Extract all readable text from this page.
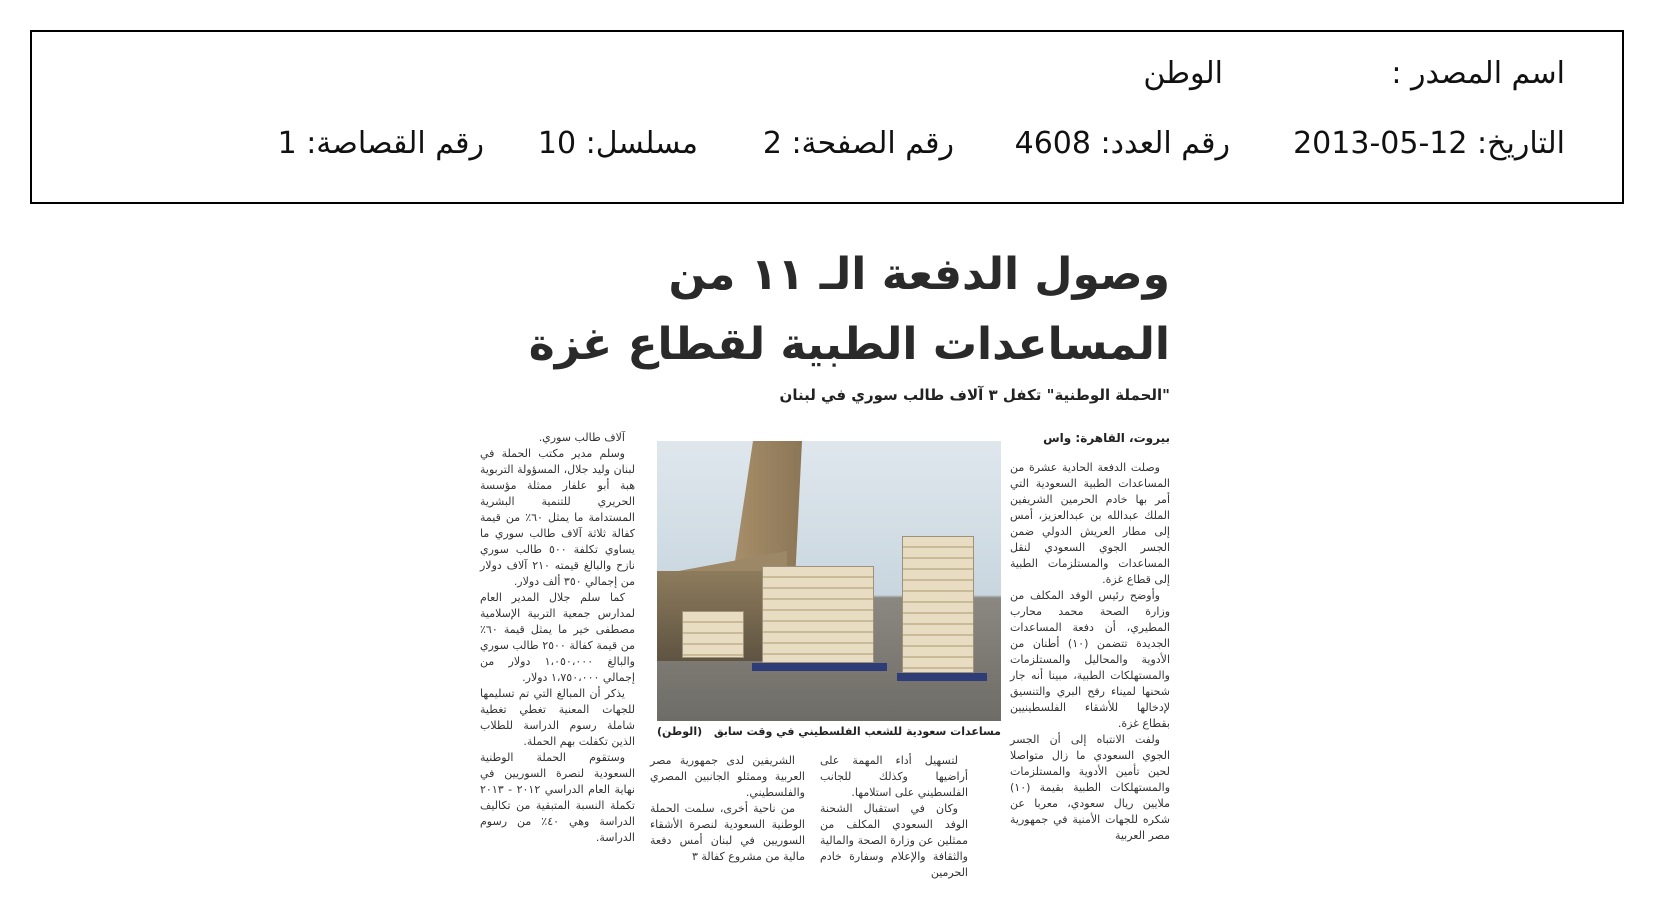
اسم المصدر :
الوطن
التاريخ: 12-05-2013
رقم العدد: 4608
رقم الصفحة: 2
مسلسل: 10
رقم القصاصة: 1
وصول الدفعة الـ ١١ من المساعدات الطبية لقطاع غزة
"الحملة الوطنية" تكفل ٣ آلاف طالب سوري في لبنان
بيروت، القاهرة: واس

وصلت الدفعة الحادية عشرة من المساعدات الطبية السعودية التي أمر بها خادم الحرمين الشريفين الملك عبدالله بن عبدالعزيز، أمس إلى مطار العريش الدولي ضمن الجسر الجوي السعودي لنقل المساعدات والمستلزمات الطبية إلى قطاع غزة.

وأوضح رئيس الوفد المكلف من وزارة الصحة محمد محارب المطيري، أن دفعة المساعدات الجديدة تتضمن (١٠) أطنان من الأدوية والمحاليل والمستلزمات والمستهلكات الطبية، مبينا أنه جار شحنها لميناء رفح البري والتنسيق لإدخالها للأشقاء الفلسطينيين بقطاع غزة.

ولفت الانتباه إلى أن الجسر الجوي السعودي ما زال متواصلا لحين تأمين الأدوية والمستلزمات والمستهلكات الطبية بقيمة (١٠) ملايين ريال سعودي، معربا عن شكره للجهات الأمنية في جمهورية مصر العربية

مساعدات سعودية للشعب الفلسطيني في وقت سابق
(الوطن)

لتسهيل أداء المهمة على أراضيها وكذلك للجانب الفلسطيني على استلامها.

وكان في استقبال الشحنة الوفد السعودي المكلف من ممثلين عن وزارة الصحة والمالية والثقافة والإعلام وسفارة خادم الحرمين

الشريفين لدى جمهورية مصر العربية وممثلو الجانبين المصري والفلسطيني.

من ناحية أخرى، سلمت الحملة الوطنية السعودية لنصرة الأشقاء السوريين في لبنان أمس دفعة مالية من مشروع كفالة ٣

آلاف طالب سوري.

وسلم مدير مكتب الحملة في لبنان وليد جلال، المسؤولة التربوية هبة أبو علفار ممثلة مؤسسة الحريري للتنمية البشرية المستدامة ما يمثل ٦٠٪ من قيمة كفالة ثلاثة آلاف طالب سوري ما يساوي تكلفة ٥٠٠ طالب سوري نازح والبالغ قيمته ٢١٠ آلاف دولار من إجمالي ٣٥٠ ألف دولار.

كما سلم جلال المدير العام لمدارس جمعية التربية الإسلامية مصطفى خير ما يمثل قيمة ٦٠٪ من قيمة كفالة ٢٥٠٠ طالب سوري والبالغ ١،٠٥٠،٠٠٠ دولار من إجمالي ١،٧٥٠،٠٠٠ دولار.

يذكر أن المبالغ التي تم تسليمها للجهات المعنية تغطي تغطية شاملة رسوم الدراسة للطلاب الذين تكفلت بهم الحملة.

وستقوم الحملة الوطنية السعودية لنصرة السوريين في نهاية العام الدراسي ٢٠١٢ - ٢٠١٣ تكملة النسبة المتبقية من تكاليف الدراسة وهي ٤٠٪ من رسوم الدراسة.
